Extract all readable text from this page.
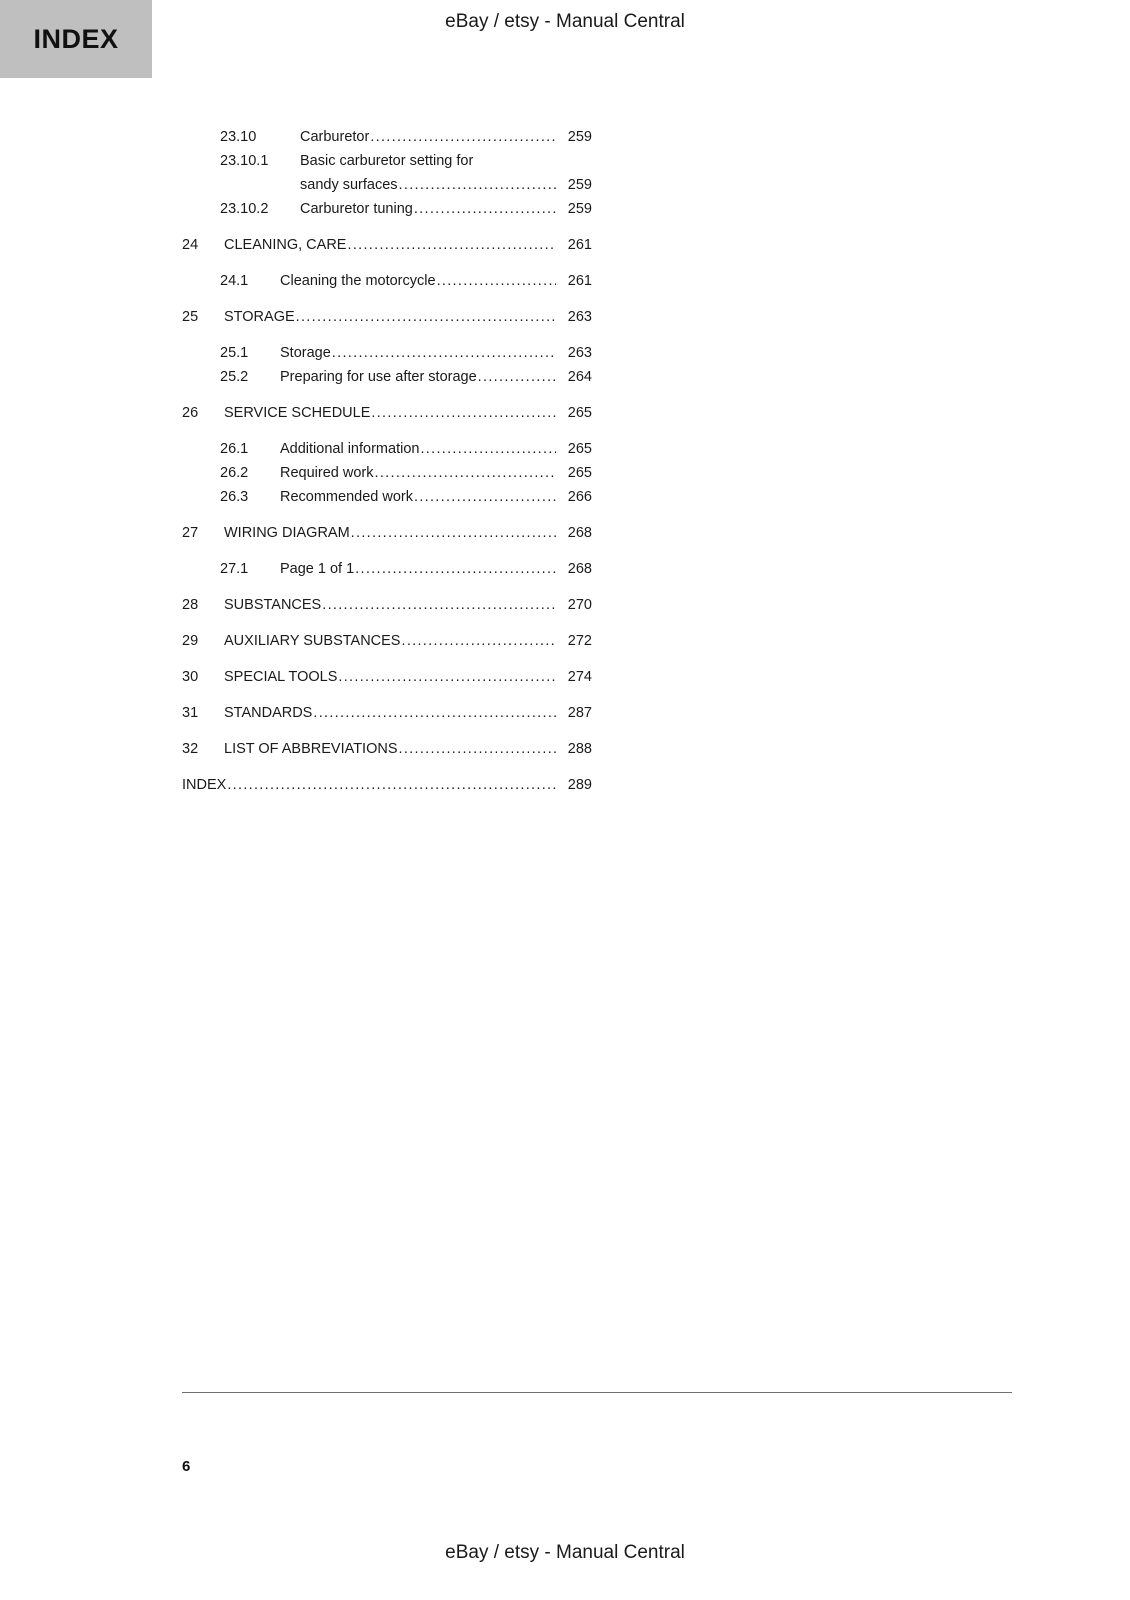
INDEX
eBay / etsy - Manual Central
23.10	Carburetor .....	259
23.10.1	Basic carburetor setting for
sandy surfaces .....	259
23.10.2	Carburetor tuning .....	259
24	CLEANING, CARE .....	261
24.1	Cleaning the motorcycle .....	261
25	STORAGE .....	263
25.1	Storage .....	263
25.2	Preparing for use after storage .....	264
26	SERVICE SCHEDULE .....	265
26.1	Additional information .....	265
26.2	Required work .....	265
26.3	Recommended work .....	266
27	WIRING DIAGRAM .....	268
27.1	Page 1 of 1 .....	268
28	SUBSTANCES .....	270
29	AUXILIARY SUBSTANCES .....	272
30	SPECIAL TOOLS .....	274
31	STANDARDS .....	287
32	LIST OF ABBREVIATIONS .....	288
INDEX .....	289
6
eBay / etsy - Manual Central
